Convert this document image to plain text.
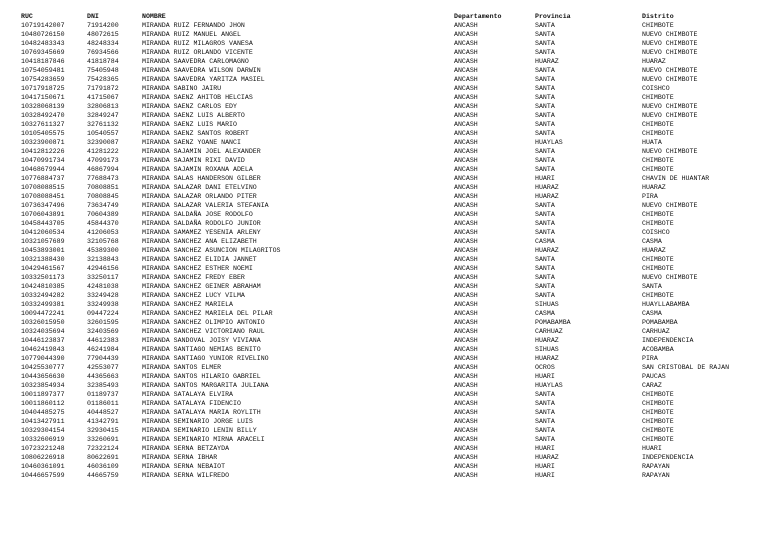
RUC	DNI	NOMBRE	Departamento	Provincia	Distrito
10719142007	71914200	MIRANDA RUIZ FERNANDO JHON	ANCASH	SANTA	CHIMBOTE
10480726150	48072615	MIRANDA RUIZ MANUEL ANGEL	ANCASH	SANTA	NUEVO CHIMBOTE
10482483343	48248334	MIRANDA RUIZ MILAGROS VANESA	ANCASH	SANTA	NUEVO CHIMBOTE
10769345669	76934566	MIRANDA RUIZ ORLANDO VICENTE	ANCASH	SANTA	NUEVO CHIMBOTE
10418187846	41818784	MIRANDA SAAVEDRA CARLOMAGNO	ANCASH	HUARAZ	HUARAZ
10754059481	75405948	MIRANDA SAAVEDRA WILSON DARWIN	ANCASH	SANTA	NUEVO CHIMBOTE
10754283659	75428365	MIRANDA SAAVEDRA YARITZA MASIEL	ANCASH	SANTA	NUEVO CHIMBOTE
10717918725	71791872	MIRANDA SABINO JAIRU	ANCASH	SANTA	COISHCO
10417150671	41715067	MIRANDA SAENZ AHITOB HELCIAS	ANCASH	SANTA	CHIMBOTE
10328068139	32806813	MIRANDA SAENZ CARLOS EDY	ANCASH	SANTA	NUEVO CHIMBOTE
10328492470	32849247	MIRANDA SAENZ LUIS ALBERTO	ANCASH	SANTA	NUEVO CHIMBOTE
10327611327	32761132	MIRANDA SAENZ LUIS MARIO	ANCASH	SANTA	CHIMBOTE
10105405575	10540557	MIRANDA SAENZ SANTOS ROBERT	ANCASH	SANTA	CHIMBOTE
10323900871	32390087	MIRANDA SAENZ YOANE NANCI	ANCASH	HUAYLAS	HUATA
10412812226	41281222	MIRANDA SAJAMIN JOEL ALEXANDER	ANCASH	SANTA	NUEVO CHIMBOTE
10470991734	47099173	MIRANDA SAJAMIN RIXI DAVID	ANCASH	SANTA	CHIMBOTE
10468679944	46867994	MIRANDA SAJAMIN ROXANA ADELA	ANCASH	SANTA	CHIMBOTE
10776884737	77688473	MIRANDA SALAS HANDERSON GILBER	ANCASH	HUARI	CHAVIN DE HUANTAR
10708088515	70808851	MIRANDA SALAZAR DANI ETELVINO	ANCASH	HUARAZ	HUARAZ
10708088451	70808845	MIRANDA SALAZAR ORLANDO PITER	ANCASH	HUARAZ	PIRA
10736347496	73634749	MIRANDA SALAZAR VALERIA STEFANIA	ANCASH	SANTA	NUEVO CHIMBOTE
10706043891	70604389	MIRANDA SALDAÑA JOSE RODOLFO	ANCASH	SANTA	CHIMBOTE
10458443705	45844370	MIRANDA SALDAÑA RODOLFO JUNIOR	ANCASH	SANTA	CHIMBOTE
10412060534	41206053	MIRANDA SAMAMEZ YESENIA ARLENY	ANCASH	SANTA	COISHCO
10321057689	32105768	MIRANDA SANCHEZ ANA ELIZABETH	ANCASH	CASMA	CASMA
10453893001	45389300	MIRANDA SANCHEZ ASUNCION MILAGRITOS	ANCASH	HUARAZ	HUARAZ
10321388430	32138843	MIRANDA SANCHEZ ELIDIA JANNET	ANCASH	SANTA	CHIMBOTE
10429461567	42946156	MIRANDA SANCHEZ ESTHER NOEMI	ANCASH	SANTA	CHIMBOTE
10332501173	33250117	MIRANDA SANCHEZ FREDY EBER	ANCASH	SANTA	NUEVO CHIMBOTE
10424810385	42481038	MIRANDA SANCHEZ GEINER ABRAHAM	ANCASH	SANTA	SANTA
10332494282	33249428	MIRANDA SANCHEZ LUCY VILMA	ANCASH	SANTA	CHIMBOTE
10332499381	33249938	MIRANDA SANCHEZ MARIELA	ANCASH	SIHUAS	HUAYLLABAMBA
10094472241	09447224	MIRANDA SANCHEZ MARIELA DEL PILAR	ANCASH	CASMA	CASMA
10326015950	32601595	MIRANDA SANCHEZ OLIMPIO ANTONIO	ANCASH	POMABAMBA	POMABAMBA
10324035694	32403569	MIRANDA SANCHEZ VICTORIANO RAUL	ANCASH	CARHUAZ	CARHUAZ
10446123837	44612383	MIRANDA SANDOVAL JOISY VIVIANA	ANCASH	HUARAZ	INDEPENDENCIA
10462419843	46241984	MIRANDA SANTIAGO NEMIAS BENITO	ANCASH	SIHUAS	ACOBAMBA
10779044390	77904439	MIRANDA SANTIAGO YUNIOR RIVELINO	ANCASH	HUARAZ	PIRA
10425530777	42553077	MIRANDA SANTOS ELMER	ANCASH	OCROS	SAN CRISTOBAL DE RAJAN
10443656630	44365663	MIRANDA SANTOS HILARIO GABRIEL	ANCASH	HUARI	PAUCAS
10323854934	32385493	MIRANDA SANTOS MARGARITA JULIANA	ANCASH	HUAYLAS	CARAZ
10011897377	01189737	MIRANDA SATALAYA ELVIRA	ANCASH	SANTA	CHIMBOTE
10011860112	01186011	MIRANDA SATALAYA FIDENCIO	ANCASH	SANTA	CHIMBOTE
10404485275	40448527	MIRANDA SATALAYA MARIA ROYLITH	ANCASH	SANTA	CHIMBOTE
10413427911	41342791	MIRANDA SEMINARIO JORGE LUIS	ANCASH	SANTA	CHIMBOTE
10329304154	32930415	MIRANDA SEMINARIO LENIN BILLY	ANCASH	SANTA	CHIMBOTE
10332606919	33260691	MIRANDA SEMINARIO MIRNA ARACELI	ANCASH	SANTA	CHIMBOTE
10723221248	72322124	MIRANDA SERNA BETZAYDA	ANCASH	HUARI	HUARI
10806226918	80622691	MIRANDA SERNA IBHAR	ANCASH	HUARAZ	INDEPENDENCIA
10460361091	46036109	MIRANDA SERNA NEBAIOT	ANCASH	HUARI	RAPAYAN
10446657599	44665759	MIRANDA SERNA WILFREDO	ANCASH	HUARI	RAPAYAN
